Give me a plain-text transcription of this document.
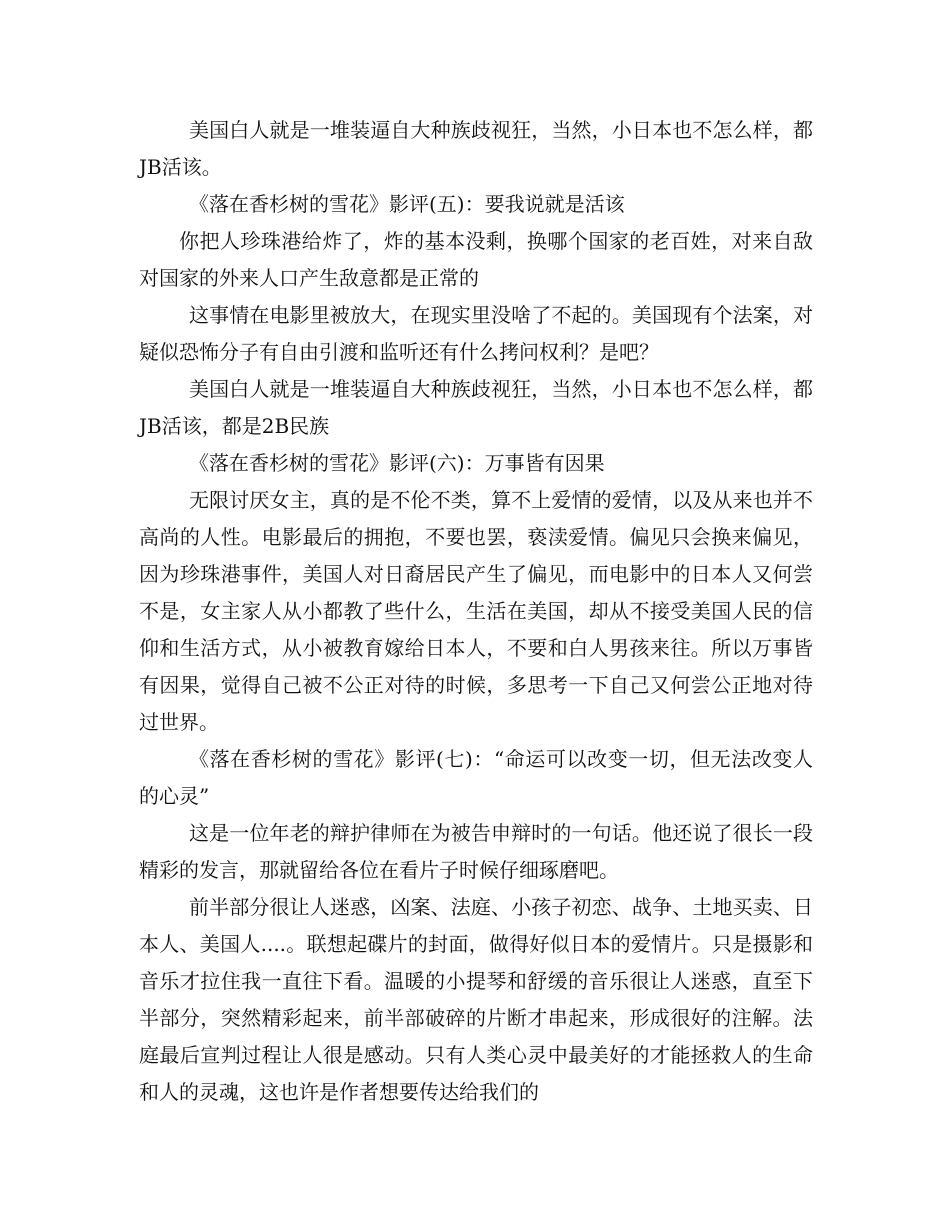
美国白人就是一堆装逼自大种族歧视狂，当然，小日本也不怎么样，都JB活该。

《落在香杉树的雪花》影评(五)：要我说就是活该

你把人珍珠港给炸了，炸的基本没剩，换哪个国家的老百姓，对来自敌对国家的外来人口产生敌意都是正常的

这事情在电影里被放大，在现实里没啥了不起的。美国现有个法案，对疑似恐怖分子有自由引渡和监听还有什么拷问权利？是吧？

美国白人就是一堆装逼自大种族歧视狂，当然，小日本也不怎么样，都JB活该，都是2B民族

《落在香杉树的雪花》影评(六)：万事皆有因果

无限讨厌女主，真的是不伦不类，算不上爱情的爱情，以及从来也并不高尚的人性。电影最后的拥抱，不要也罢，亵渎爱情。偏见只会换来偏见，因为珍珠港事件，美国人对日裔居民产生了偏见，而电影中的日本人又何尝不是，女主家人从小都教了些什么，生活在美国，却从不接受美国人民的信仰和生活方式，从小被教育嫁给日本人，不要和白人男孩来往。所以万事皆有因果，觉得自己被不公正对待的时候，多思考一下自己又何尝公正地对待过世界。

《落在香杉树的雪花》影评(七)：“命运可以改变一切，但无法改变人的心灵”

这是一位年老的辩护律师在为被告申辩时的一句话。他还说了很长一段精彩的发言，那就留给各位在看片子时候仔细琢磨吧。

前半部分很让人迷惑，凶案、法庭、小孩子初恋、战争、土地买卖、日本人、美国人....。联想起碟片的封面，做得好似日本的爱情片。只是摄影和音乐才拉住我一直往下看。温暖的小提琴和舒缓的音乐很让人迷惑，直至下半部分，突然精彩起来，前半部破碎的片断才串起来，形成很好的注解。法庭最后宣判过程让人很是感动。只有人类心灵中最美好的才能拯救人的生命和人的灵魂，这也许是作者想要传达给我们的
